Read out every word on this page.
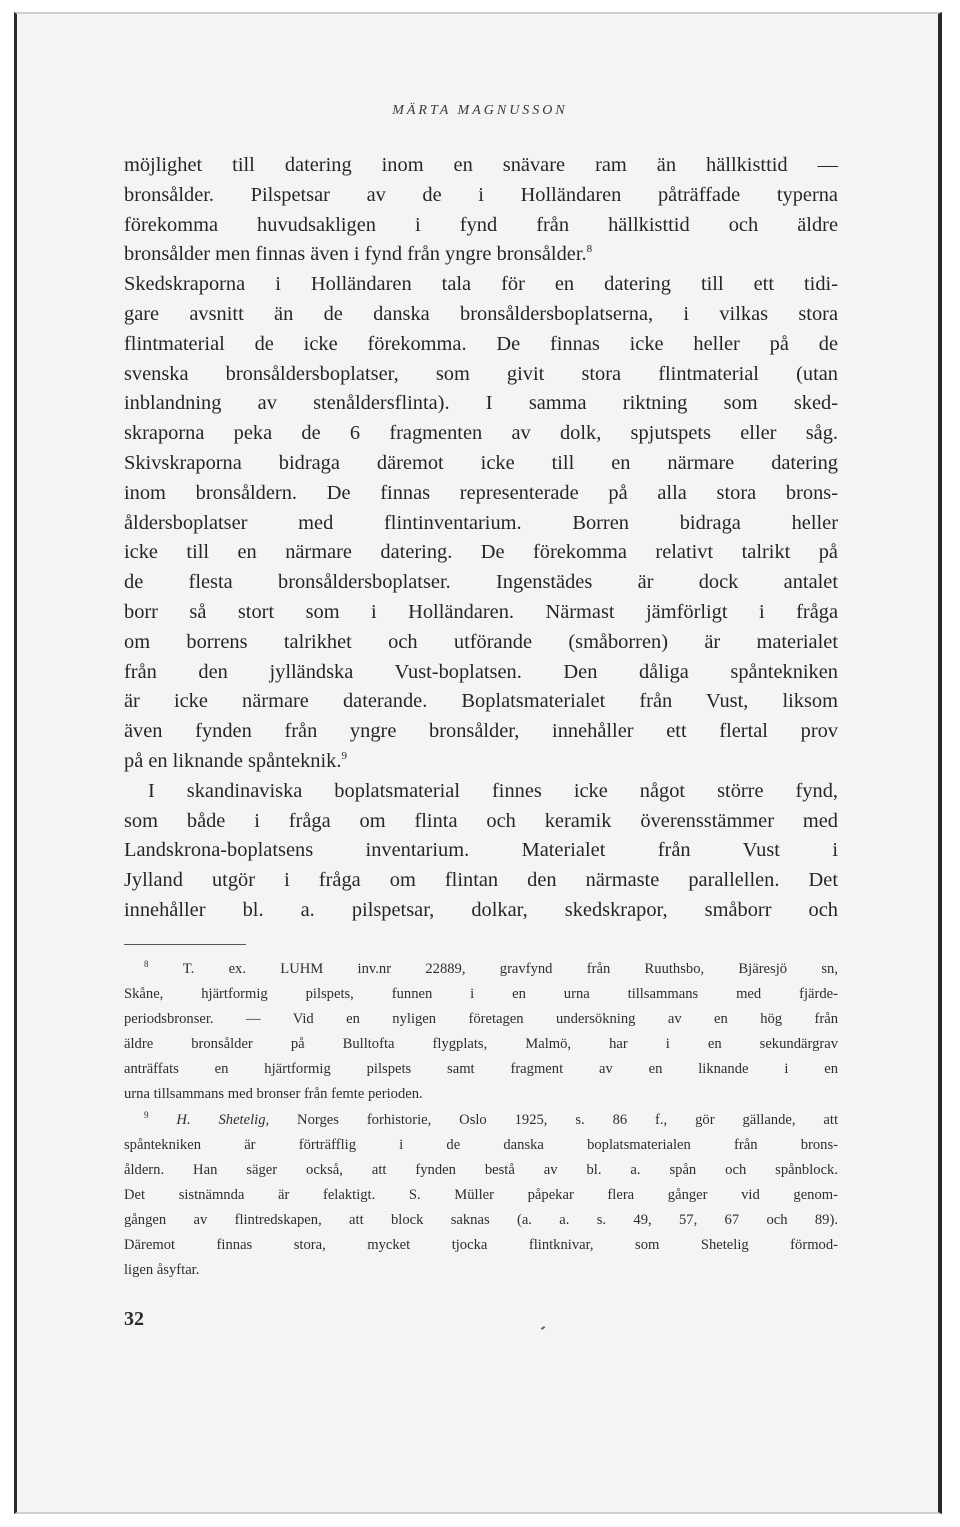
MÄRTA MAGNUSSON
möjlighet till datering inom en snävare ram än hällkisttid —
bronsålder. Pilspetsar av de i Holländaren påträffade typerna
förekomma huvudsakligen i fynd från hällkisttid och äldre
bronsålder men finnas även i fynd från yngre bronsålder.$^8$
Skedskraporna i Holländaren tala för en datering till ett tidi-
gare avsnitt än de danska bronsåldersboplatserna, i vilkas stora
flintmaterial de icke förekomma. De finnas icke heller på de
svenska bronsåldersboplatser, som givit stora flintmaterial (utan
inblandning av stenåldersflinta). I samma riktning som sked-
skraporna peka de 6 fragmenten av dolk, spjutspets eller såg.
Skivskraporna bidraga däremot icke till en närmare datering
inom bronsåldern. De finnas representerade på alla stora brons-
åldersboplatser med flintinventarium. Borren bidraga heller
icke till en närmare datering. De förekomma relativt talrikt på
de flesta bronsåldersboplatser. Ingenstädes är dock antalet
borr så stort som i Holländaren. Närmast jämförligt i fråga
om borrens talrikhet och utförande (småborren) är materialet
från den jylländska Vust-boplatsen. Den dåliga spåntekniken
är icke närmare daterande. Boplatsmaterialet från Vust, liksom
även fynden från yngre bronsålder, innehåller ett flertal prov
på en liknande spånteknik.$^9$
I skandinaviska boplatsmaterial finnes icke något större fynd,
som både i fråga om flinta och keramik överensstämmer med
Landskrona-boplatsens inventarium. Materialet från Vust i
Jylland utgör i fråga om flintan den närmaste parallellen. Det
innehåller bl. a. pilspetsar, dolkar, skedskrapor, småborr och
$^8$ T. ex. LUHM inv.nr 22889, gravfynd från Ruuthsbo, Bjäresjö sn,
Skåne, hjärtformig pilspets, funnen i en urna tillsammans med fjärde-
periodsbronser. — Vid en nyligen företagen undersökning av en hög från
äldre bronsålder på Bulltofta flygplats, Malmö, har i en sekundärgrav
anträffats en hjärtformig pilspets samt fragment av en liknande i en
urna tillsammans med bronser från femte perioden.
$^9$ H. Shetelig, Norges forhistorie, Oslo 1925, s. 86 f., gör gällande, att
spåntekniken är förträfflig i de danska boplatsmaterialen från brons-
åldern. Han säger också, att fynden bestå av bl. a. spån och spånblock.
Det sistnämnda är felaktigt. S. Müller påpekar flera gånger vid genom-
gången av flintredskapen, att block saknas (a. a. s. 49, 57, 67 och 89).
Däremot finnas stora, mycket tjocka flintknivar, som Shetelig förmod-
ligen åsyftar.
32
